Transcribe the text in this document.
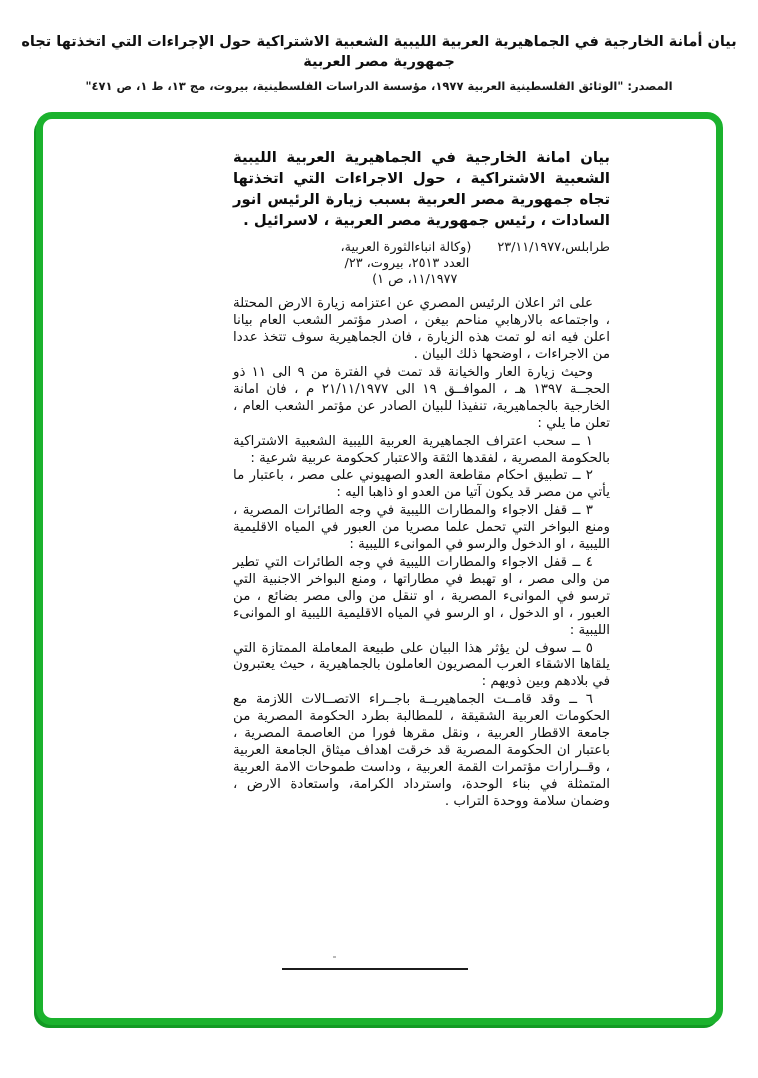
بيان أمانة الخارجية في الجماهيرية العربية الليبية الشعبية الاشتراكية حول الإجراءات التي اتخذتها تجاه جمهورية مصر العربية
المصدر: "الوثائق الفلسطينية العربية ١٩٧٧، مؤسسة الدراسات الفلسطينية، بيروت، مج ١٣، ط ١، ص ٤٧١"
بيان امانة الخارجية في الجماهيرية العربية الليبية الشعبية الاشتراكية ، حول الاجراءات التي اتخذتها تجاه جمهورية مصر العربية بسبب زيارة الرئيس انور السادات ، رئيس جمهورية مصر العربية ، لاسرائيل .
طرابلس،٢٣/١١/١٩٧٧
(وكالة انباءالثورة العربية،
العدد ٢٥١٣، بيروت، ٢٣/
١١/١٩٧٧، ص ١)

على اثر اعلان الرئيس المصري عن اعتزامه زيارة الارض المحتلة ، واجتماعه بالارهابي مناحم بيغن ، اصدر مؤتمر الشعب العام بيانا اعلن فيه انه لو تمت هذه الزيارة ، فان الجماهيرية سوف تتخذ عددا من الاجراءات ، اوضحها ذلك البيان .

وحيث زيارة العار والخيانة قد تمت في الفترة من ٩ الى ١١ ذو الحجــة ١٣٩٧ هـ ، الموافــق ١٩ الى ٢١/١١/١٩٧٧ م ، فان امانة الخارجية بالجماهيرية، تنفيذا للبيان الصادر عن مؤتمر الشعب العام ، تعلن ما يلي :

١ ــ سحب اعتراف الجماهيرية العربية الليبية الشعبية الاشتراكية بالحكومة المصرية ، لفقدها الثقة والاعتبار كحكومة عربية شرعية :

٢ ــ تطبيق احكام مقاطعة العدو الصهيوني على مصر ، باعتبار ما يأتي من مصر قد يكون آتيا من العدو او ذاهبا اليه :

٣ ــ قفل الاجواء والمطارات الليبية في وجه الطائرات المصرية ، ومنع البواخر التي تحمل علما مصريا من العبور في المياه الاقليمية الليبية ، او الدخول والرسو في الموانىء الليبية :

٤ ــ قفل الاجواء والمطارات الليبية في وجه الطائرات التي تطير من والى مصر ، او تهبط في مطاراتها ، ومنع البواخر الاجنبية التي ترسو في الموانىء المصرية ، او تنقل من والى مصر بضائع ، من العبور ، او الدخول ، او الرسو في المياه الاقليمية الليبية او الموانىء الليبية :

٥ ــ سوف لن يؤثر هذا البيان على طبيعة المعاملة الممتازة التي يلقاها الاشقاء العرب المصريون العاملون بالجماهيرية ، حيث يعتبرون في بلادهم وبين ذويهم :

٦ ــ وقد قامــت الجماهيريــة باجــراء الاتصــالات اللازمة مع الحكومات العربية الشقيقة ، للمطالبة بطرد الحكومة المصرية من جامعة الاقطار العربية ، ونقل مقرها فورا من العاصمة المصرية ، باعتبار ان الحكومة المصرية قد خرقت اهداف ميثاق الجامعة العربية ، وقــرارات مؤتمرات القمة العربية ، وداست طموحات الامة العربية المتمثلة في بناء الوحدة، واسترداد الكرامة، واستعادة الارض ، وضمان سلامة ووحدة التراب .
